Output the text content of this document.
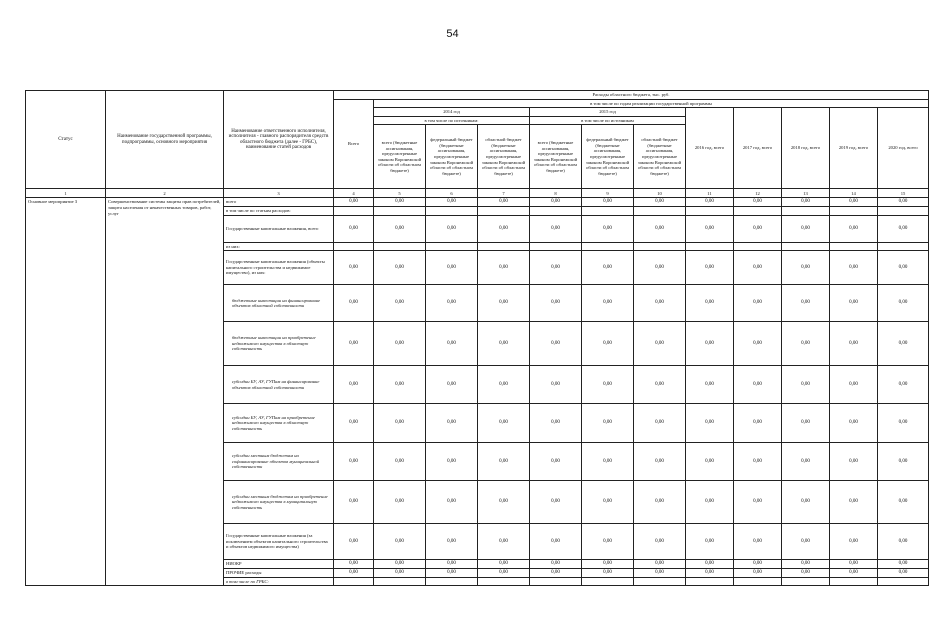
54
Статус	Наименование государственной программы, подпрограммы, основного мероприятия	Наименование ответственного исполнителя, исполнителя - главного распорядителя средств областного бюджета (далее - ГРБС), наименование статей расходов	Расходы областного бюджета, тыс. руб.											
			Всего	в том числе по годам реализации государственной программы										
				2014 год			2015 год			2016 год, всего	2017 год, всего	2018 год, всего	2019 год, всего	2020 год, всего
				в том числе по источникам:			в том числе по источникам							
				всего (бюджетные ассигнования, предусмотренные законом Воронежской области об областном бюджете)	федеральный бюджет (бюджетные ассигнования, предусмотренные законом Воронежской области об областном бюджете)	областной бюджет (бюджетные ассигнования, предусмотренные законом Воронежской области об областном бюджете)	всего (бюджетные ассигнования, предусмотренные законом Воронежской области об областном бюджете)	федеральный бюджет (бюджетные ассигнования, предусмотренные законом Воронежской области об областном бюджете)	областной бюджет (бюджетные ассигнования, предусмотренные законом Воронежской области об областном бюджете)					
1	2	3	4	5	6	7	8	9	10	11	12	13	14	15
Основное мероприятие 3	Совершенствование системы защиты прав потребителей, защита населения от некачественных товаров, работ, услуг	всего	0,00	0,00	0,00	0,00	0,00	0,00	0,00	0,00	0,00	0,00	0,00	0,00
		в том числе по статьям расходов:												
		Государственные капитальные вложения, всего	0,00	0,00	0,00	0,00	0,00	0,00	0,00	0,00	0,00	0,00	0,00	0,00
		из них:												
		Государственные капитальные вложения (объекты капитального строительства и недвижимое имущество), из них:	0,00	0,00	0,00	0,00	0,00	0,00	0,00	0,00	0,00	0,00	0,00	0,00
		бюджетные инвестиции на финансирование объектов областной собственности	0,00	0,00	0,00	0,00	0,00	0,00	0,00	0,00	0,00	0,00	0,00	0,00
		бюджетные инвестиции на приобретение недвижимого имущества в областную собственность	0,00	0,00	0,00	0,00	0,00	0,00	0,00	0,00	0,00	0,00	0,00	0,00
		субсидии БУ, АУ, ГУПам на финансирование объектов областной собственности	0,00	0,00	0,00	0,00	0,00	0,00	0,00	0,00	0,00	0,00	0,00	0,00
		субсидии БУ, АУ, ГУПам на приобретение недвижимого имущества в областную собственность	0,00	0,00	0,00	0,00	0,00	0,00	0,00	0,00	0,00	0,00	0,00	0,00
		субсидии местным бюджетам на софинансирование объектов муниципальной собственности	0,00	0,00	0,00	0,00	0,00	0,00	0,00	0,00	0,00	0,00	0,00	0,00
		субсидии местным бюджетам на приобретение недвижимого имущества в муниципальную собственность	0,00	0,00	0,00	0,00	0,00	0,00	0,00	0,00	0,00	0,00	0,00	0,00
		Государственные капитальные вложения (за исключением объектов капитального строительства и объектов недвижимого имущества)	0,00	0,00	0,00	0,00	0,00	0,00	0,00	0,00	0,00	0,00	0,00	0,00
		НИОКР	0,00	0,00	0,00	0,00	0,00	0,00	0,00	0,00	0,00	0,00	0,00	0,00
		ПРОЧИЕ расходы	0,00	0,00	0,00	0,00	0,00	0,00	0,00	0,00	0,00	0,00	0,00	0,00
		в том числе по ГРБС:												
